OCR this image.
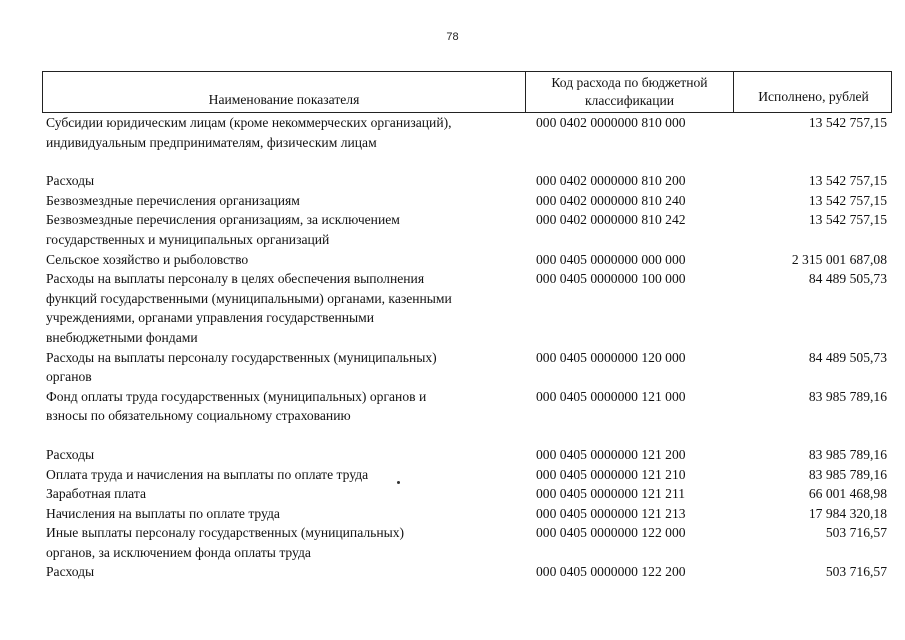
78
Наименование показателя
Код расхода по бюджетной классификации	Исполнено, рублей
Субсидии юридическим лицам (кроме некоммерческих организаций),
индивидуальным предпринимателям, физическим лицам
000 0402 0000000 810 000	13 542 757,15
Расходы	000 0402 0000000 810 200	13 542 757,15
Безвозмездные перечисления организациям	000 0402 0000000 810 240	13 542 757,15
Безвозмездные перечисления организациям, за исключением
государственных и муниципальных организаций
000 0402 0000000 810 242	13 542 757,15
Сельское хозяйство и рыболовство	000 0405 0000000 000 000	2 315 001 687,08
Расходы на выплаты персоналу в целях обеспечения выполнения
функций государственными (муниципальными) органами, казенными
учреждениями, органами управления государственными
внебюджетными фондами
000 0405 0000000 100 000	84 489 505,73
Расходы на выплаты персоналу государственных (муниципальных)
органов
000 0405 0000000 120 000	84 489 505,73
Фонд оплаты труда государственных (муниципальных) органов и
взносы по обязательному социальному страхованию
000 0405 0000000 121 000	83 985 789,16
Расходы	000 0405 0000000 121 200	83 985 789,16
Оплата труда и начисления на выплаты по оплате труда	000 0405 0000000 121 210	83 985 789,16
Заработная плата	000 0405 0000000 121 211	66 001 468,98
Начисления на выплаты по оплате труда	000 0405 0000000 121 213	17 984 320,18
Иные выплаты персоналу государственных (муниципальных)
органов, за исключением фонда оплаты труда
000 0405 0000000 122 000	503 716,57
Расходы	000 0405 0000000 122 200	503 716,57
